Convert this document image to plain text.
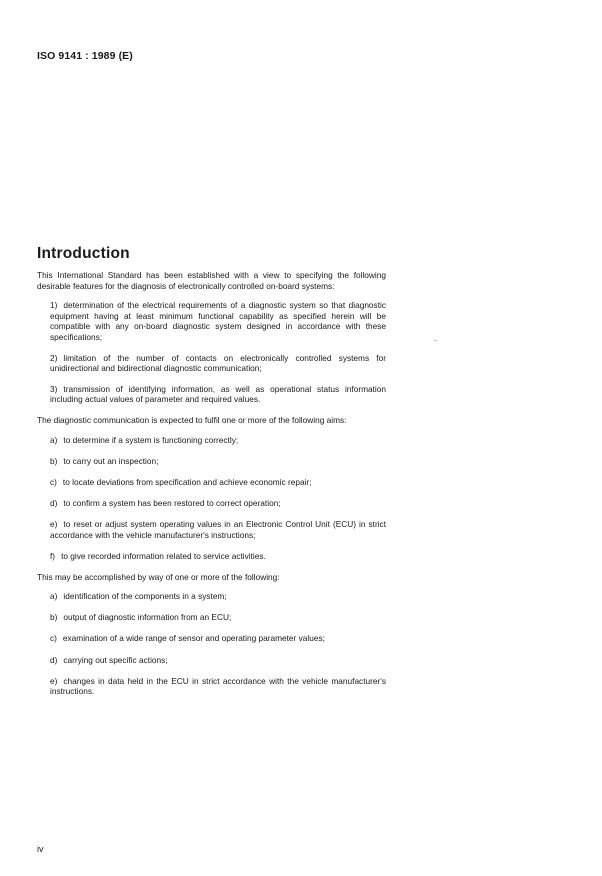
ISO 9141 : 1989 (E)
Introduction

This International Standard has been established with a view to specifying the following desirable features for the diagnosis of electronically controlled on-board systems:

1) determination of the electrical requirements of a diagnostic system so that diagnostic equipment having at least minimum functional capability as specified herein will be compatible with any on-board diagnostic system designed in accordance with these specifications;
2) limitation of the number of contacts on electronically controlled systems for unidirectional and bidirectional diagnostic communication;
3) transmission of identifying information, as well as operational status information including actual values of parameter and required values.

The diagnostic communication is expected to fulfil one or more of the following aims:

a) to determine if a system is functioning correctly;
b) to carry out an inspection;
c) to locate deviations from specification and achieve economic repair;
d) to confirm a system has been restored to correct operation;
e) to reset or adjust system operating values in an Electronic Control Unit (ECU) in strict accordance with the vehicle manufacturer's instructions;
f) to give recorded information related to service activities.

This may be accomplished by way of one or more of the following:

a) identification of the components in a system;
b) output of diagnostic information from an ECU;
c) examination of a wide range of sensor and operating parameter values;
d) carrying out specific actions;
e) changes in data held in the ECU in strict accordance with the vehicle manufacturer's instructions.
iv
